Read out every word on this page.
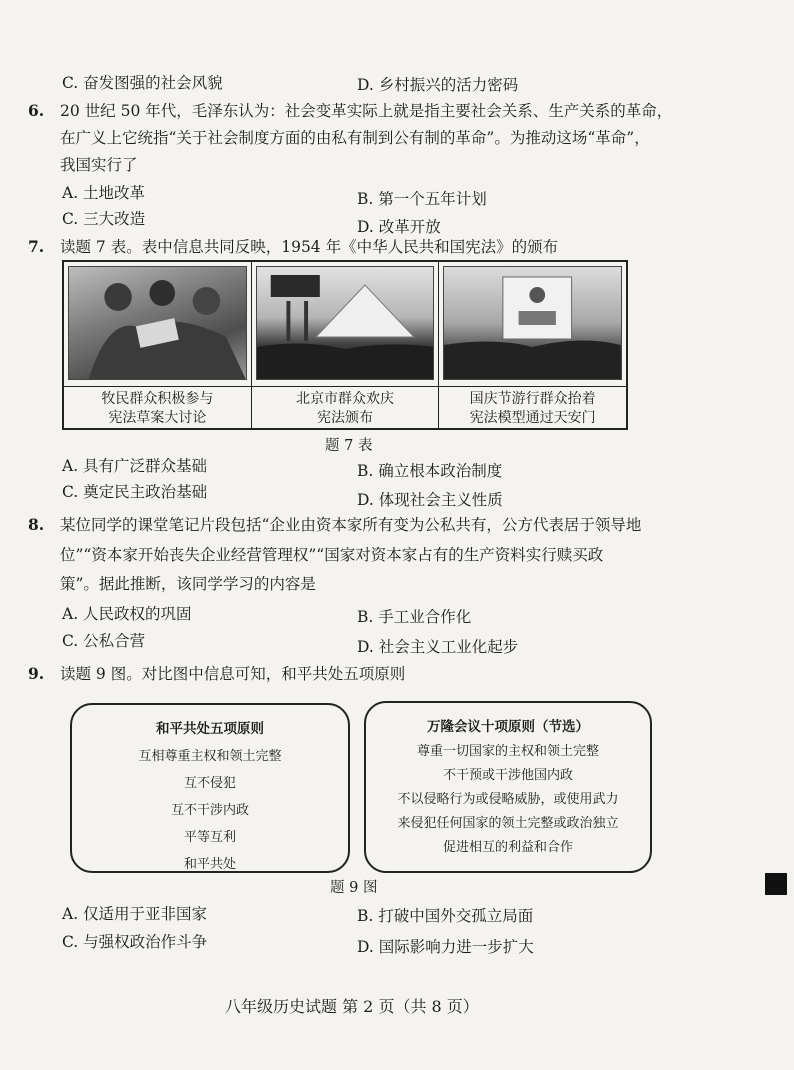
C. 奋发图强的社会风貌	D. 乡村振兴的活力密码
6. 20 世纪 50 年代，毛泽东认为：社会变革实际上就是指主要社会关系、生产关系的革命，
在广义上它统指“关于社会制度方面的由私有制到公有制的革命”。为推动这场“革命”，
我国实行了
A. 土地改革	B. 第一个五年计划
C. 三大改造	D. 改革开放
7. 读题 7 表。表中信息共同反映，1954 年《中华人民共和国宪法》的颁布
牧民群众积极参与
宪法草案大讨论
北京市群众欢庆
宪法颁布
国庆节游行群众抬着
宪法模型通过天安门
题 7 表
A. 具有广泛群众基础	B. 确立根本政治制度
C. 奠定民主政治基础	D. 体现社会主义性质
8. 某位同学的课堂笔记片段包括“企业由资本家所有变为公私共有，公方代表居于领导地
位”“资本家开始丧失企业经营管理权”“国家对资本家占有的生产资料实行赎买政
策”。据此推断，该同学学习的内容是
A. 人民政权的巩固	B. 手工业合作化
C. 公私合营	D. 社会主义工业化起步
9. 读题 9 图。对比图中信息可知，和平共处五项原则
和平共处五项原则
互相尊重主权和领土完整
互不侵犯
互不干涉内政
平等互利
和平共处
万隆会议十项原则（节选）
尊重一切国家的主权和领土完整
不干预或干涉他国内政
不以侵略行为或侵略威胁，或使用武力
来侵犯任何国家的领土完整或政治独立
促进相互的利益和合作
题 9 图
A. 仅适用于亚非国家	B. 打破中国外交孤立局面
C. 与强权政治作斗争	D. 国际影响力进一步扩大
八年级历史试题 第 2 页（共 8 页）
